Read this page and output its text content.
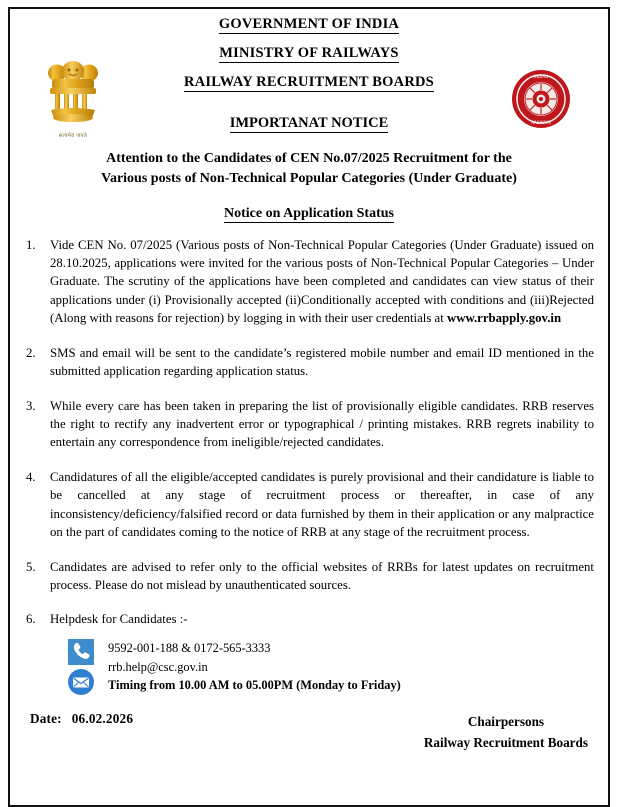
सत्यमेव जयते
INDIAN
RAILWAYS
GOVERNMENT OF INDIA
MINISTRY OF RAILWAYS
RAILWAY RECRUITMENT BOARDS
IMPORTANAT NOTICE
Attention to the Candidates of CEN No.07/2025 Recruitment for the
Various posts of Non-Technical Popular Categories (Under Graduate)
Notice on Application Status
1.	Vide CEN No. 07/2025 (Various posts of Non-Technical Popular Categories (Under Graduate) issued on 28.10.2025, applications were invited for the various posts of Non-Technical Popular Categories – Under Graduate. The scrutiny of the applications have been completed and candidates can view status of their applications under (i) Provisionally accepted (ii)Conditionally accepted with conditions and (iii)Rejected (Along with reasons for rejection) by logging in with their user credentials at www.rrbapply.gov.in
2.	SMS and email will be sent to the candidate’s registered mobile number and email ID mentioned in the submitted application regarding application status.
3.	While every care has been taken in preparing the list of provisionally eligible candidates. RRB reserves the right to rectify any inadvertent error or typographical / printing mistakes. RRB regrets inability to entertain any correspondence from ineligible/rejected candidates.
4.	Candidatures of all the eligible/accepted candidates is purely provisional and their candidature is liable to be cancelled at any stage of recruitment process or thereafter, in case of any inconsistency/deficiency/falsified record or data furnished by them in their application or any malpractice on the part of candidates coming to the notice of RRB at any stage of the recruitment process.
5.	Candidates are advised to refer only to the official websites of RRBs for latest updates on recruitment process. Please do not mislead by unauthenticated sources.
6.	Helpdesk for Candidates :-
9592-001-188 & 0172-565-3333
rrb.help@csc.gov.in
Timing from 10.00 AM to 05.00PM (Monday to Friday)
Date: 06.02.2026	Chairpersons
Railway Recruitment Boards
